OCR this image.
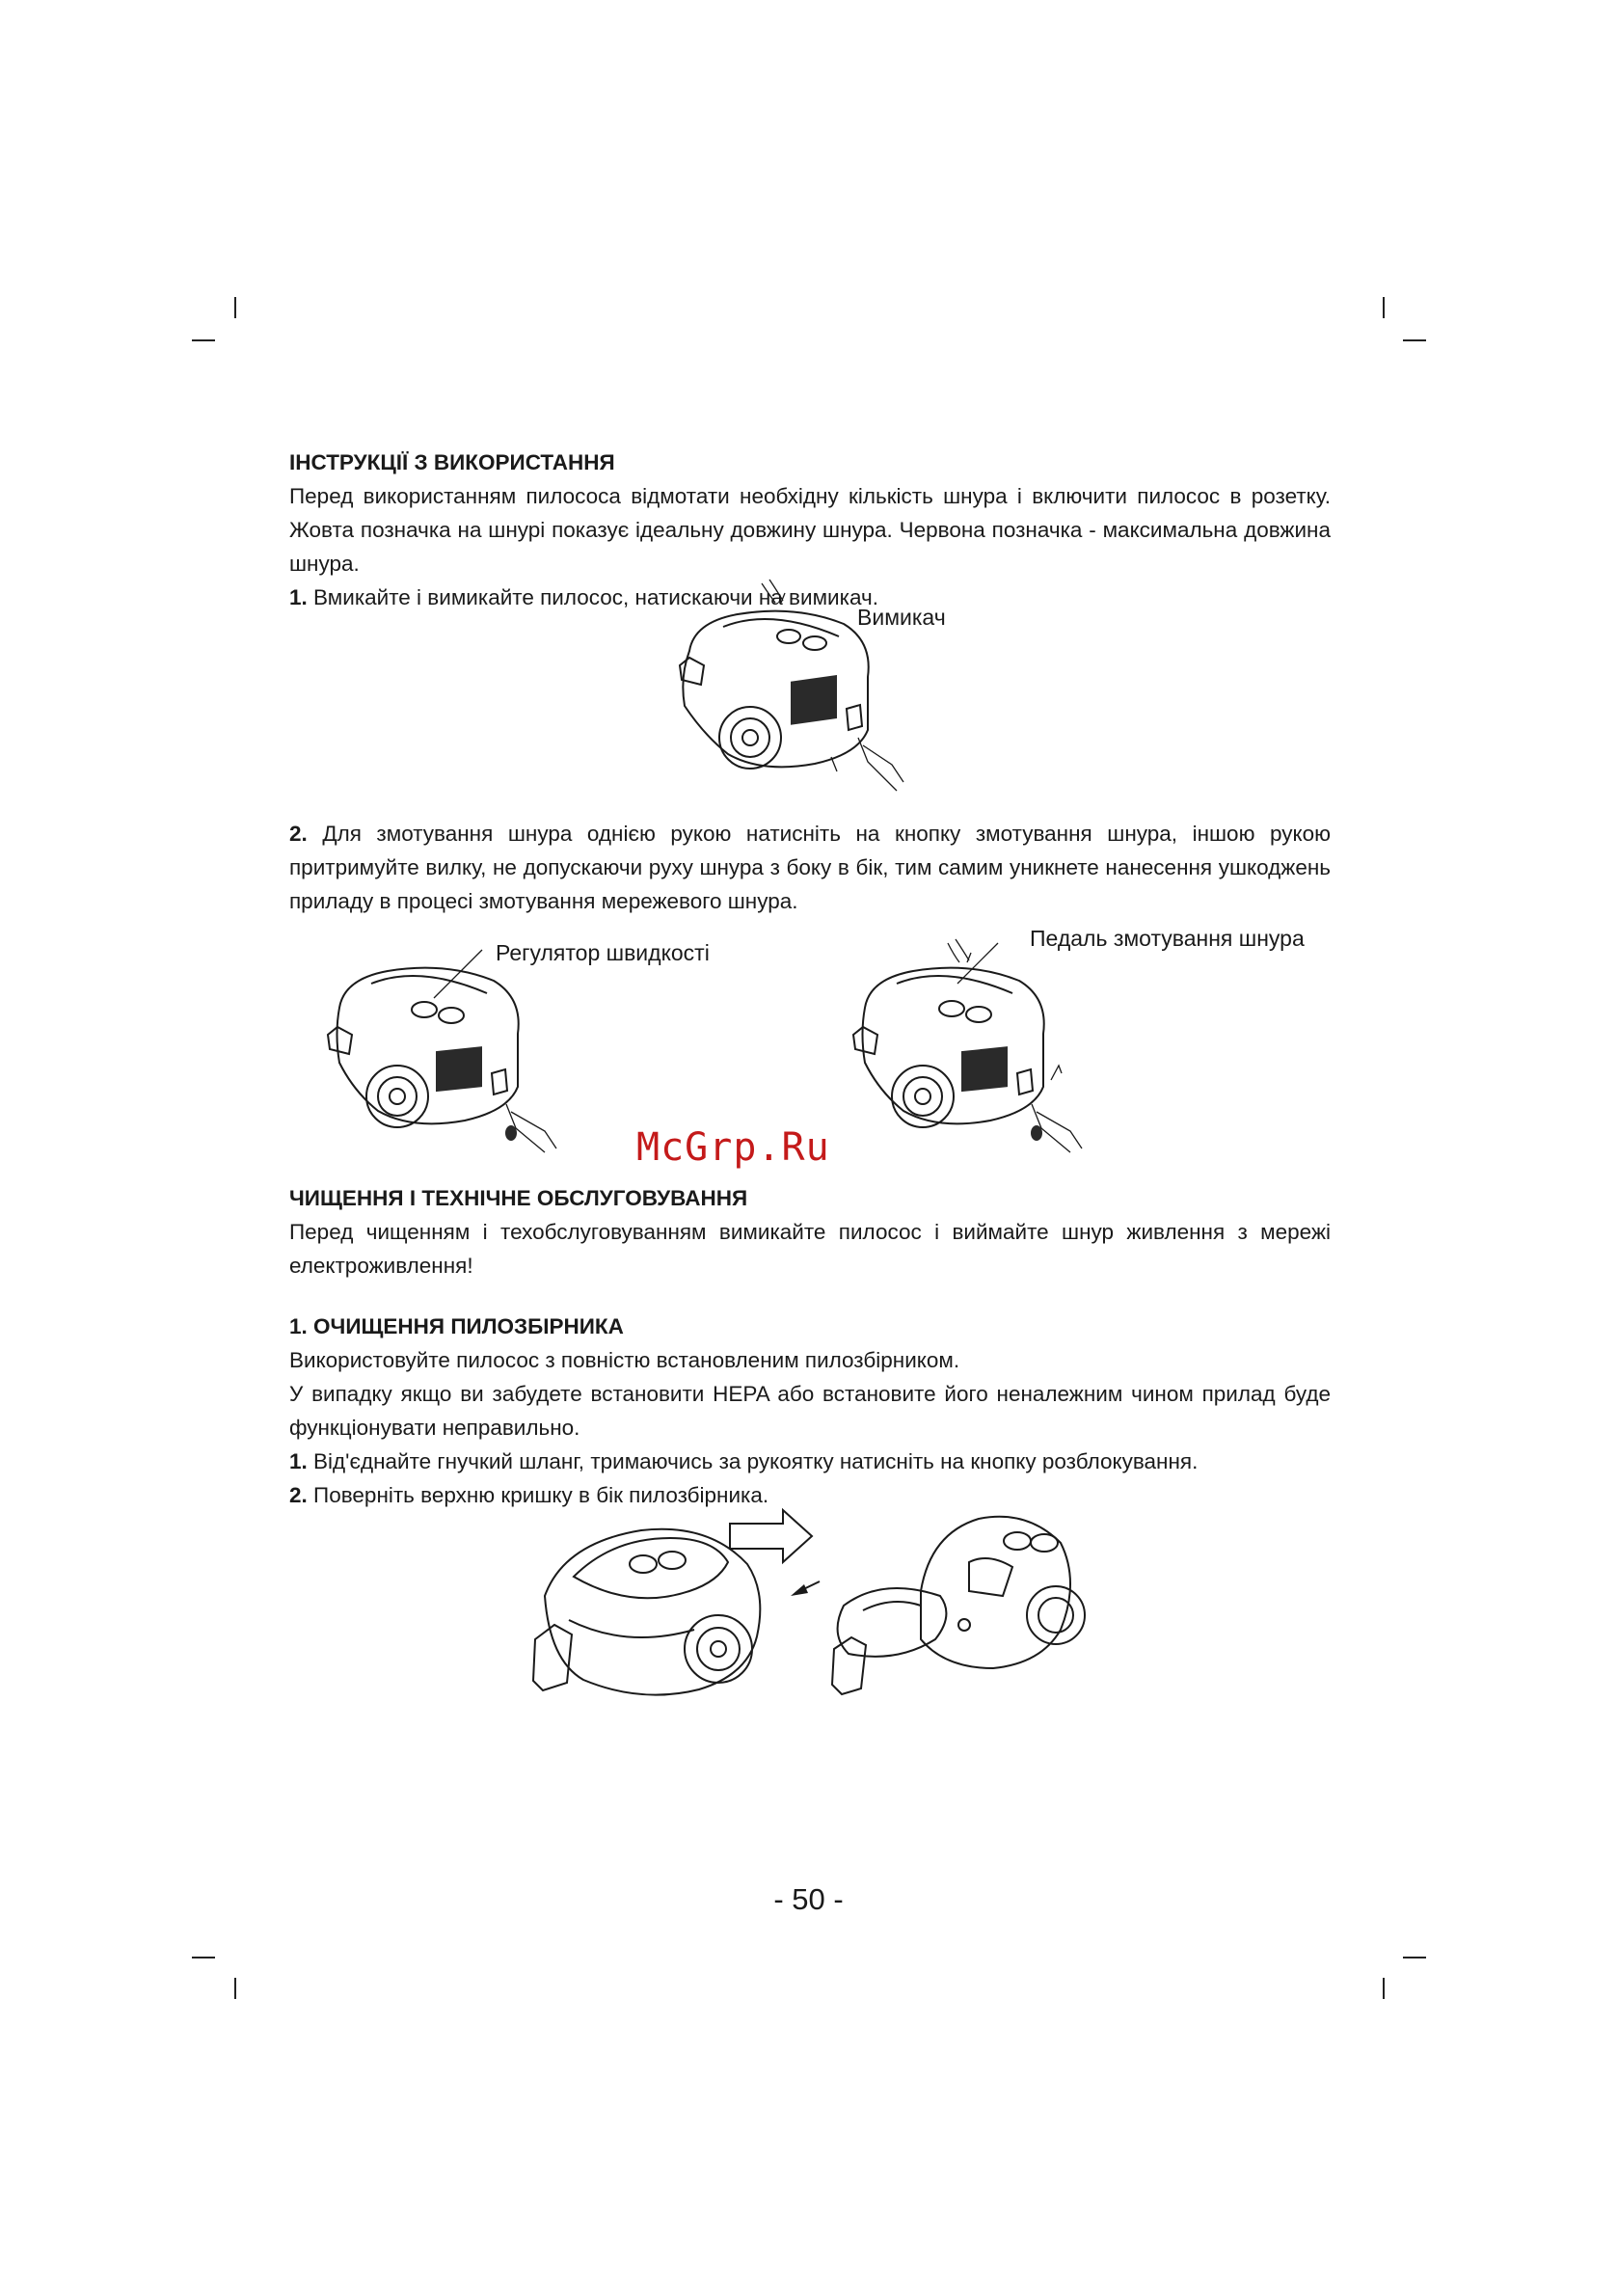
ІНСТРУКЦІЇ З ВИКОРИСТАННЯ
Перед використанням пилососа відмотати необхідну кількість шнура і включити пилосос в розетку. Жовта позначка на шнурі показує ідеальну довжину шнура. Червона позначка - максимальна довжина шнура.
1. Вмикайте і вимикайте пилосос, натискаючи на вимикач.
Вимикач
2. Для змотування шнура однією рукою натисніть на кнопку змотування шнура, іншою рукою притримуйте вилку, не допускаючи руху шнура з боку в бік, тим самим уникнете нанесення ушкоджень приладу в процесі змотування мережевого шнура.
Регулятор швидкості
Педаль змотування шнура
McGrp.Ru
ЧИЩЕННЯ І ТЕХНІЧНЕ ОБСЛУГОВУВАННЯ
Перед чищенням і техобслуговуванням вимикайте пилосос і виймайте шнур живлення з мережі електроживлення!
1. ОЧИЩЕННЯ ПИЛОЗБІРНИКА
Використовуйте пилосос з повністю встановленим пилозбірником.
У випадку якщо ви забудете встановити HEPA або встановите його неналежним чином прилад буде функціонувати неправильно.
1. Від'єднайте гнучкий шланг, тримаючись за рукоятку натисніть на кнопку розблокування.
2. Поверніть верхню кришку в бік пилозбірника.
- 50 -
